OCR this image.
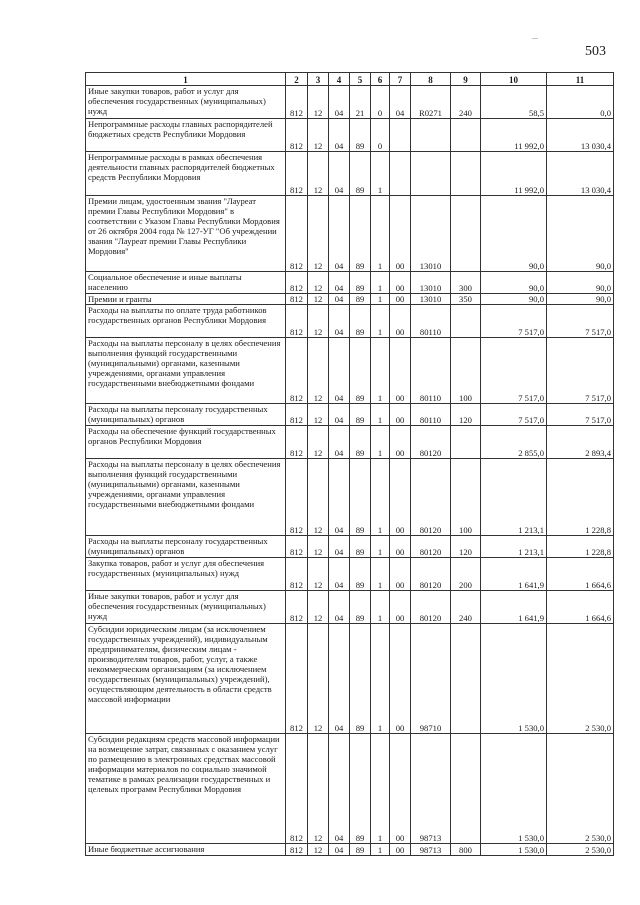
...
503
1	2	3	4	5	6	7	8	9	10	11
Иные закупки товаров, работ и услуг для обеспечения государственных (муниципальных) нужд	812	12	04	21	0	04	R0271	240	58,5	0,0
Непрограммные расходы главных распорядителей бюджетных средств Республики Мордовия	812	12	04	89	0				11 992,0	13 030,4
Непрограммные расходы в рамках обеспечения деятельности главных распорядителей бюджетных средств Республики Мордовия	812	12	04	89	1				11 992,0	13 030,4
Премии лицам, удостоенным звания "Лауреат премии Главы Республики Мордовия" в соответствии с Указом Главы Республики Мордовия от 26 октября 2004 года № 127-УГ "Об учреждении звания "Лауреат премии Главы Республики Мордовия"	812	12	04	89	1	00	13010		90,0	90,0
Социальное обеспечение и иные выплаты населению	812	12	04	89	1	00	13010	300	90,0	90,0
Премии и гранты	812	12	04	89	1	00	13010	350	90,0	90,0
Расходы на выплаты по оплате труда работников государственных органов Республики Мордовия	812	12	04	89	1	00	80110		7 517,0	7 517,0
Расходы на выплаты персоналу в целях обеспечения выполнения функций государственными (муниципальными) органами, казенными учреждениями, органами управления государственными внебюджетными фондами	812	12	04	89	1	00	80110	100	7 517,0	7 517,0
Расходы на выплаты персоналу государственных (муниципальных) органов	812	12	04	89	1	00	80110	120	7 517,0	7 517,0
Расходы на обеспечение функций государственных органов Республики Мордовия	812	12	04	89	1	00	80120		2 855,0	2 893,4
Расходы на выплаты персоналу в целях обеспечения выполнения функций государственными (муниципальными) органами, казенными учреждениями, органами управления государственными внебюджетными фондами	812	12	04	89	1	00	80120	100	1 213,1	1 228,8
Расходы на выплаты персоналу государственных (муниципальных) органов	812	12	04	89	1	00	80120	120	1 213,1	1 228,8
Закупка товаров, работ и услуг для обеспечения государственных (муниципальных) нужд	812	12	04	89	1	00	80120	200	1 641,9	1 664,6
Иные закупки товаров, работ и услуг для обеспечения государственных (муниципальных) нужд	812	12	04	89	1	00	80120	240	1 641,9	1 664,6
Субсидии юридическим лицам (за исключением государственных учреждений), индивидуальным предпринимателям, физическим лицам - производителям товаров, работ, услуг, а также некоммерческим организациям (за исключением государственных (муниципальных) учреждений), осуществляющим деятельность в области средств массовой информации	812	12	04	89	1	00	98710		1 530,0	2 530,0
Субсидии редакциям средств массовой информации на возмещение затрат, связанных с оказанием услуг по размещению в электронных средствах массовой информации материалов по социально значимой тематике в рамках реализации государственных и целевых программ Республики Мордовия	812	12	04	89	1	00	98713		1 530,0	2 530,0
Иные бюджетные ассигнования	812	12	04	89	1	00	98713	800	1 530,0	2 530,0
